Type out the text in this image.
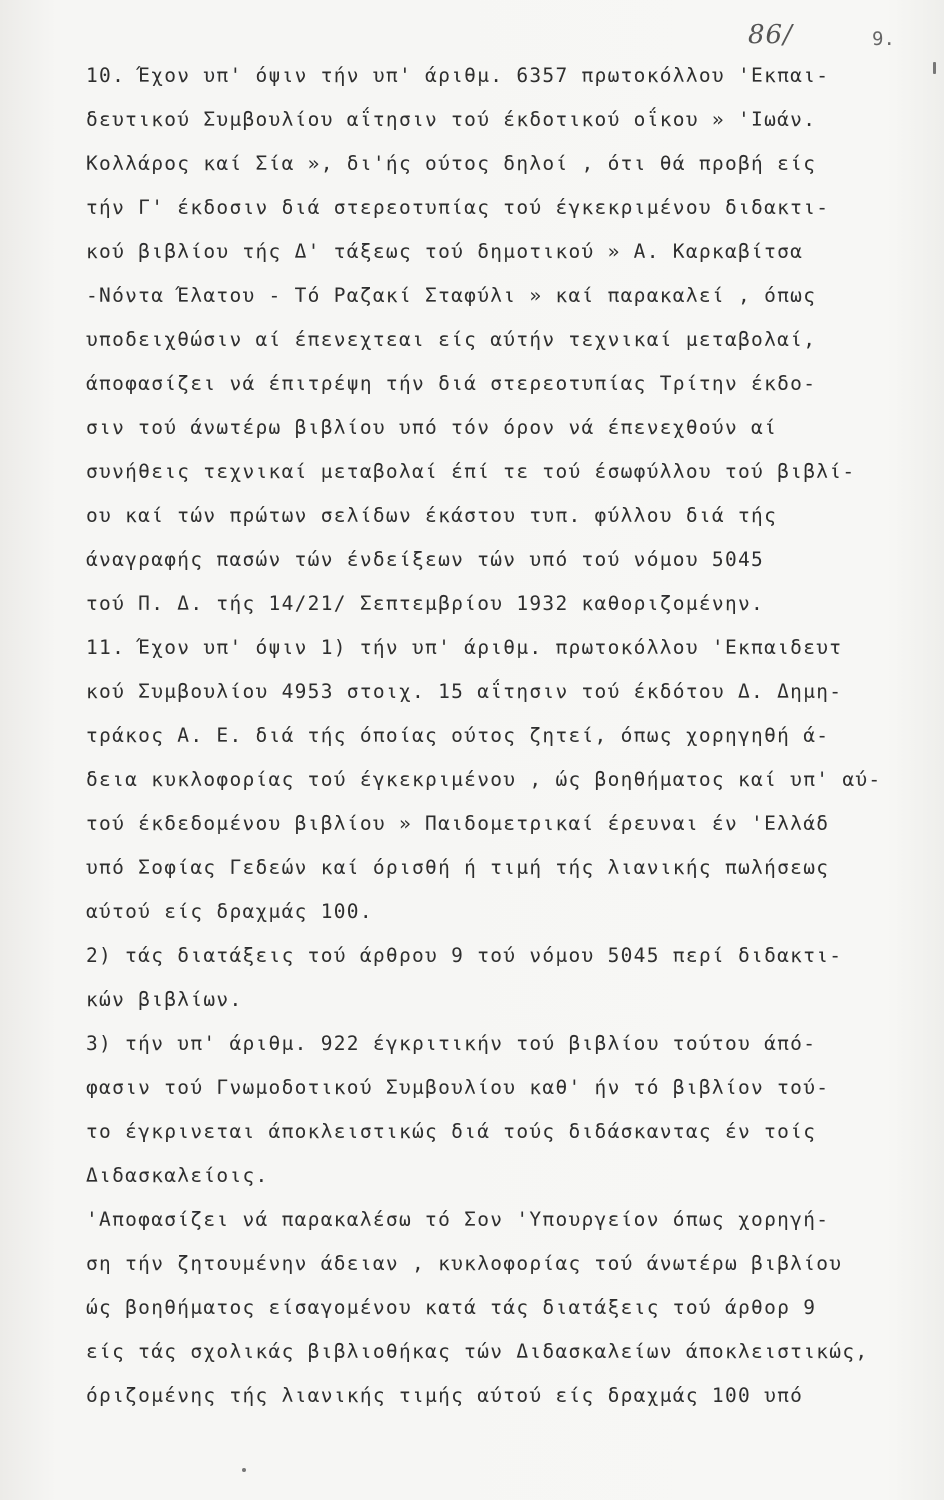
86/	9.
10. Έχον υπ' όψιν τήν υπ' άριθμ. 6357 πρωτοκόλλου 'Εκπαι-
δευτικού Συμβουλίου αΐτησιν τού έκδοτικού οΐκου » 'Ιωάν.
Κολλάρος καί Σία », δι'ής ούτος δηλοί , ότι θά προβή είς
τήν Γ' έκδοσιν διά στερεοτυπίας τού έγκεκριμένου διδακτι-
κού βιβλίου τής Δ' τάξεως τού δημοτικού » Α. Καρκαβίτσα
-Νόντα Έλατου - Τό Ραζακί Σταφύλι » καί παρακαλεί , όπως
υποδειχθώσιν αί έπενεχτεαι είς αύτήν τεχνικαί μεταβολαί,
άποφασίζει νά έπιτρέψη τήν διά στερεοτυπίας Τρίτην έκδο-
σιν τού άνωτέρω βιβλίου υπό τόν όρον νά έπενεχθούν αί
συνήθεις τεχνικαί μεταβολαί έπί τε τού έσωφύλλου τού βιβλί-
ου καί τών πρώτων σελίδων έκάστου τυπ. φύλλου διά τής
άναγραφής πασών τών ένδείξεων τών υπό τού νόμου 5045
τού Π. Δ. τής 14/21/ Σεπτεμβρίου 1932 καθοριζομένην.
11. Έχον υπ' όψιν 1) τήν υπ' άριθμ. πρωτοκόλλου 'Εκπαιδευτ
κού Συμβουλίου 4953 στοιχ. 15 αΐτησιν τού έκδότου Δ. Δημη-
τράκος Α. Ε. διά τής όποίας ούτος ζητεί, όπως χορηγηθή ά-
δεια κυκλοφορίας τού έγκεκριμένου , ώς βοηθήματος καί υπ' αύ-
τού έκδεδομένου βιβλίου » Παιδομετρικαί έρευναι έν 'Ελλάδ
υπό Σοφίας Γεδεών καί όρισθή ή τιμή τής λιανικής πωλήσεως
αύτού είς δραχμάς 100.
2) τάς διατάξεις τού άρθρου 9 τού νόμου 5045 περί διδακτι-
κών βιβλίων.
3) τήν υπ' άριθμ. 922 έγκριτικήν τού βιβλίου τούτου άπό-
φασιν τού Γνωμοδοτικού Συμβουλίου καθ' ήν τό βιβλίον τού-
το έγκρινεται άποκλειστικώς διά τούς διδάσκαντας έν τοίς
Διδασκαλείοις.
'Αποφασίζει νά παρακαλέσω τό Σον 'Υπουργείον όπως χορηγή-
ση τήν ζητουμένην άδειαν , κυκλοφορίας τού άνωτέρω βιβλίου
ώς βοηθήματος είσαγομένου κατά τάς διατάξεις τού άρθορ 9
είς τάς σχολικάς βιβλιοθήκας τών Διδασκαλείων άποκλειστικώς,
όριζομένης τής λιανικής τιμής αύτού είς δραχμάς 100 υπό
